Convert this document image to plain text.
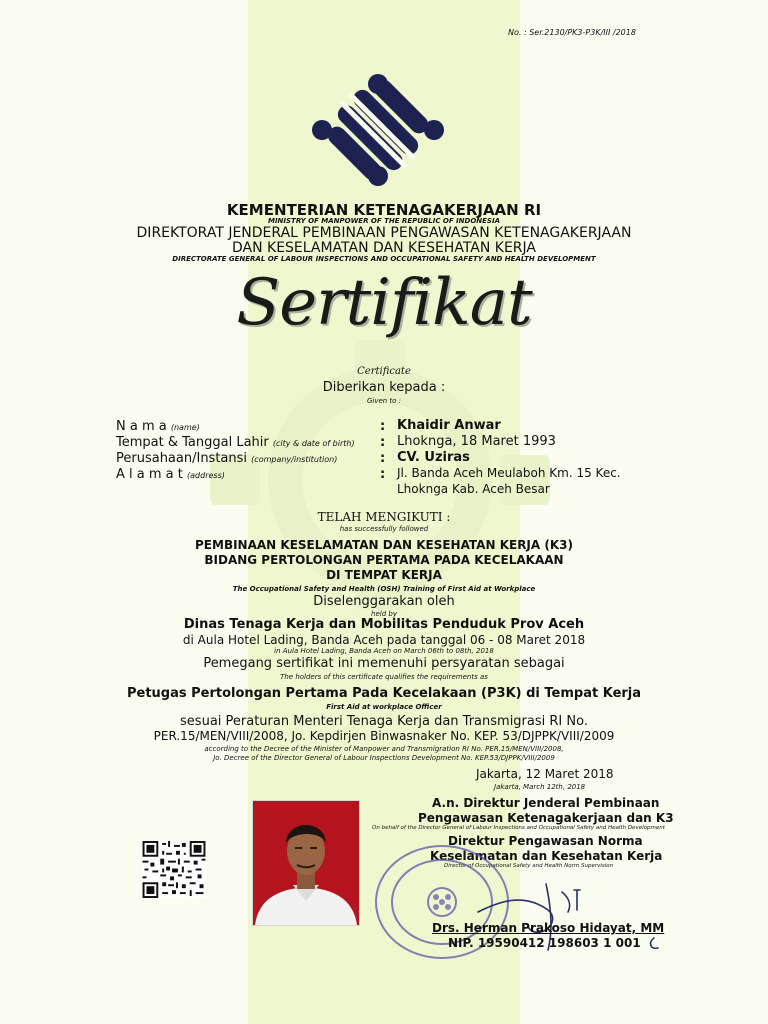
No. : Ser.2130/PK3-P3K/III /2018
KEMENTERIAN KETENAGAKERJAAN RI
MINISTRY OF MANPOWER OF THE REPUBLIC OF INDONESIA
DIREKTORAT JENDERAL PEMBINAAN PENGAWASAN KETENAGAKERJAAN
DAN KESELAMATAN DAN KESEHATAN KERJA
DIRECTORATE GENERAL OF LABOUR INSPECTIONS AND OCCUPATIONAL SAFETY AND HEALTH DEVELOPMENT
Sertifikat
Certificate
Diberikan kepada :
Given to :
N a m a (name)
Tempat & Tanggal Lahir (city & date of birth)
Perusahaan/Instansi (company/institution)
A l a m a t (address)
:
:
:
:
Khaidir Anwar
Lhoknga, 18 Maret 1993
CV. Uziras
Jl. Banda Aceh Meulaboh Km. 15 Kec.
Lhoknga Kab. Aceh Besar
TELAH MENGIKUTI :
has successfully followed
PEMBINAAN KESELAMATAN DAN KESEHATAN KERJA (K3)
BIDANG PERTOLONGAN PERTAMA PADA KECELAKAAN
DI TEMPAT KERJA
The Occupational Safety and Health (OSH) Training of First Aid at Workplace
Diselenggarakan oleh
held by
Dinas Tenaga Kerja dan Mobilitas Penduduk Prov Aceh
di Aula Hotel Lading, Banda Aceh pada tanggal 06 - 08 Maret 2018
in Aula Hotel Lading, Banda Aceh on March 06th to 08th, 2018
Pemegang sertifikat ini memenuhi persyaratan sebagai
The holders of this certificate qualifies the requirements as
Petugas Pertolongan Pertama Pada Kecelakaan (P3K) di Tempat Kerja
First Aid at workplace Officer
sesuai Peraturan Menteri Tenaga Kerja dan Transmigrasi RI No.
PER.15/MEN/VIII/2008, Jo. Kepdirjen Binwasnaker No. KEP. 53/DJPPK/VIII/2009
according to the Decree of the Minister of Manpower and Transmigration RI No. PER.15/MEN/VIII/2008,
Jo. Decree of the Director General of Labour Inspections Development No. KEP.53/DJPPK/VIII/2009
Jakarta, 12 Maret 2018
Jakarta, March 12th, 2018
A.n. Direktur Jenderal Pembinaan
Pengawasan Ketenagakerjaan dan K3
On behalf of the Director General of Labour Inspections and Occupational Safety and Health Development
Direktur Pengawasan Norma
Keselamatan dan Kesehatan Kerja
Director of Occupational Safety and Health Norm Supervision
Drs. Herman Prakoso Hidayat, MM
NIP. 19590412 198603 1 001
